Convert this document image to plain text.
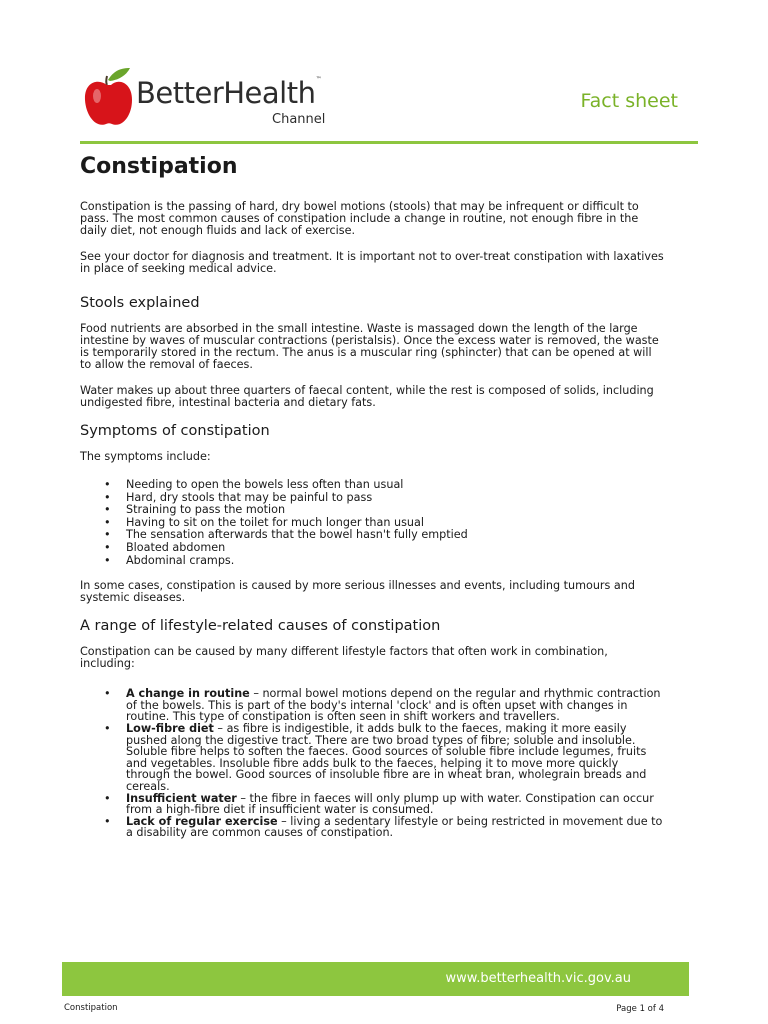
BetterHealth™
Channel
Fact sheet
Constipation

Constipation is the passing of hard, dry bowel motions (stools) that may be infrequent or difficult to pass. The most common causes of constipation include a change in routine, not enough fibre in the daily diet, not enough fluids and lack of exercise.

See your doctor for diagnosis and treatment. It is important not to over-treat constipation with laxatives in place of seeking medical advice.

Stools explained

Food nutrients are absorbed in the small intestine. Waste is massaged down the length of the large intestine by waves of muscular contractions (peristalsis). Once the excess water is removed, the waste is temporarily stored in the rectum. The anus is a muscular ring (sphincter) that can be opened at will to allow the removal of faeces.

Water makes up about three quarters of faecal content, while the rest is composed of solids, including undigested fibre, intestinal bacteria and dietary fats.

Symptoms of constipation

The symptoms include:

• Needing to open the bowels less often than usual
• Hard, dry stools that may be painful to pass
• Straining to pass the motion
• Having to sit on the toilet for much longer than usual
• The sensation afterwards that the bowel hasn't fully emptied
• Bloated abdomen
• Abdominal cramps.

In some cases, constipation is caused by more serious illnesses and events, including tumours and systemic diseases.

A range of lifestyle-related causes of constipation

Constipation can be caused by many different lifestyle factors that often work in combination, including:

• A change in routine – normal bowel motions depend on the regular and rhythmic contraction of the bowels. This is part of the body's internal 'clock' and is often upset with changes in routine. This type of constipation is often seen in shift workers and travellers.
• Low-fibre diet – as fibre is indigestible, it adds bulk to the faeces, making it more easily pushed along the digestive tract. There are two broad types of fibre; soluble and insoluble. Soluble fibre helps to soften the faeces. Good sources of soluble fibre include legumes, fruits and vegetables. Insoluble fibre adds bulk to the faeces, helping it to move more quickly through the bowel. Good sources of insoluble fibre are in wheat bran, wholegrain breads and cereals.
• Insufficient water – the fibre in faeces will only plump up with water. Constipation can occur from a high-fibre diet if insufficient water is consumed.
• Lack of regular exercise – living a sedentary lifestyle or being restricted in movement due to a disability are common causes of constipation.
www.betterhealth.vic.gov.au
Constipation	Page 1 of 4
